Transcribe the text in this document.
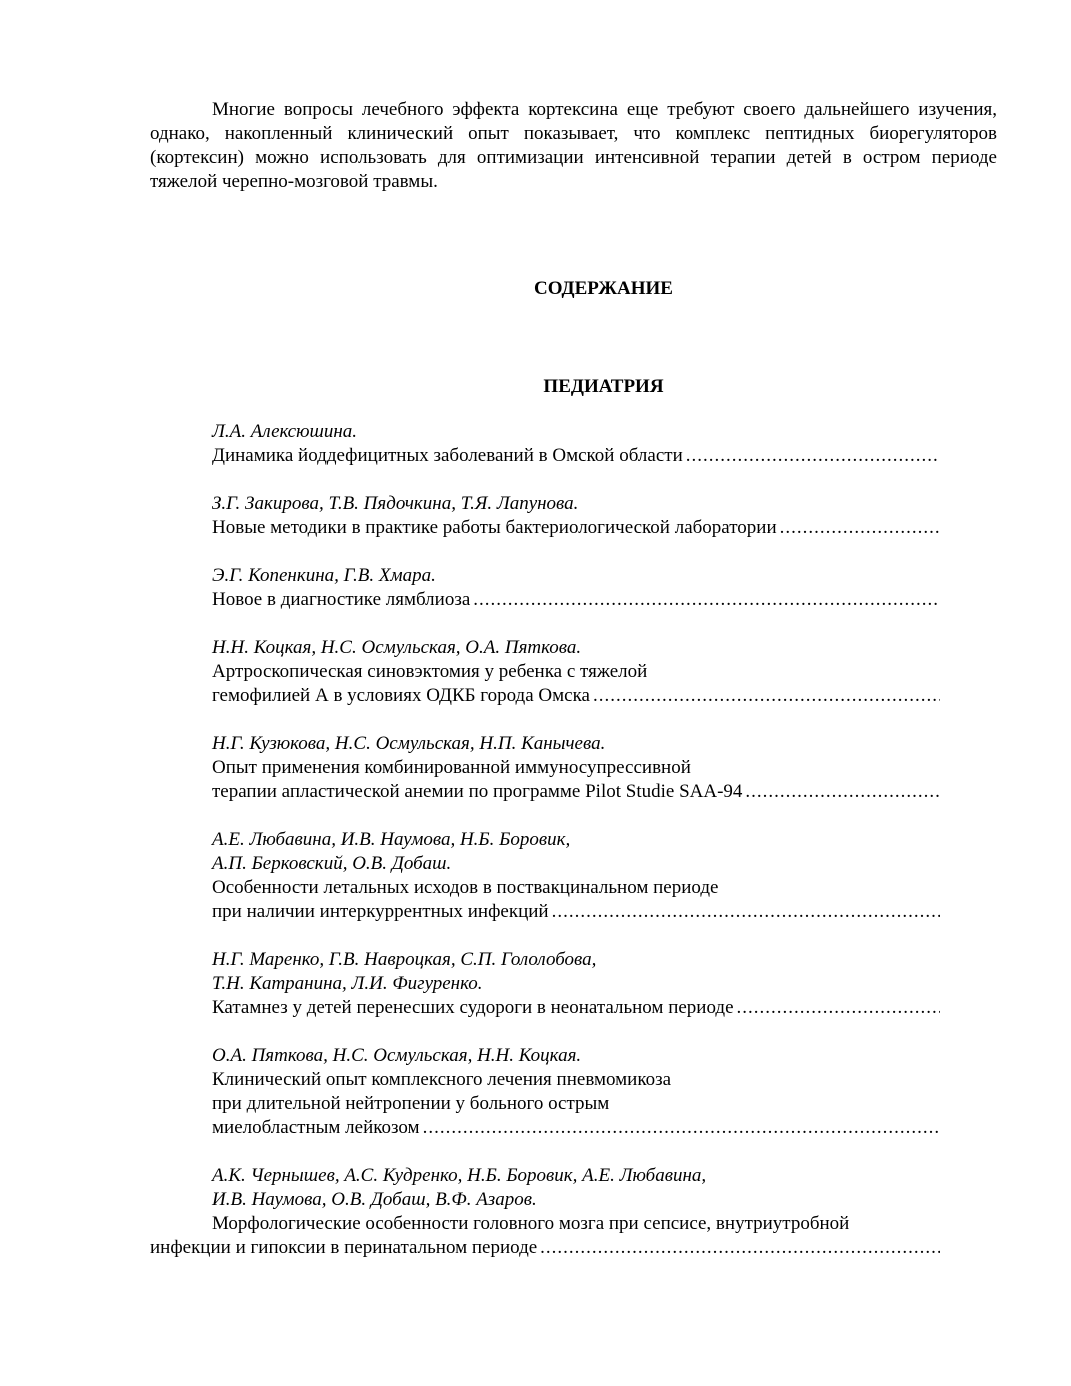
Многие вопросы лечебного эффекта кортексина еще требуют своего дальнейшего изучения, однако, накопленный клинический опыт показывает, что комплекс пептидных биорегуляторов (кортексин) можно использовать для оптимизации интенсивной терапии детей в остром периоде тяжелой черепно-мозговой травмы.

СОДЕРЖАНИЕ

ПЕДИАТРИЯ

Л.А. Алексюшина.
Динамика йоддефицитных заболеваний в Омской области
.....
З.Г. Закирова, Т.В. Пядочкина, Т.Я. Лапунова.
Новые методики в практике работы бактериологической лаборатории
.....
Э.Г. Копенкина, Г.В. Хмара.
Новое в диагностике лямблиоза
.....
Н.Н. Коцкая, Н.С. Осмульская, О.А. Пяткова.
Артроскопическая синовэктомия у ребенка с тяжелой
гемофилией А в условиях ОДКБ города Омска
.....
Н.Г. Кузюкова, Н.С. Осмульская, Н.П. Канычева.
Опыт применения комбинированной иммуносупрессивной
терапии апластической анемии по программе Pilot Studie SAA-94
.....
А.Е. Любавина, И.В. Наумова, Н.Б. Боровик,
А.П. Берковский, О.В. Добаш.
Особенности летальных исходов в поствакцинальном периоде
при наличии интеркуррентных инфекций
.....
Н.Г. Маренко, Г.В. Навроцкая, С.П. Гололобова,
Т.Н. Катранина, Л.И. Фигуренко.
Катамнез у детей перенесших судороги в неонатальном периоде
.....
О.А. Пяткова, Н.С. Осмульская, Н.Н. Коцкая.
Клинический опыт комплексного лечения пневмомикоза
при длительной нейтропении у больного острым
миелобластным лейкозом
.....
А.К. Чернышев, А.С. Кудренко, Н.Б. Боровик, А.Е. Любавина,
И.В. Наумова, О.В. Добаш, В.Ф. Азаров.
Морфологические особенности головного мозга при сепсисе, внутриутробной
инфекции и гипоксии в перинатальном периоде
.....
